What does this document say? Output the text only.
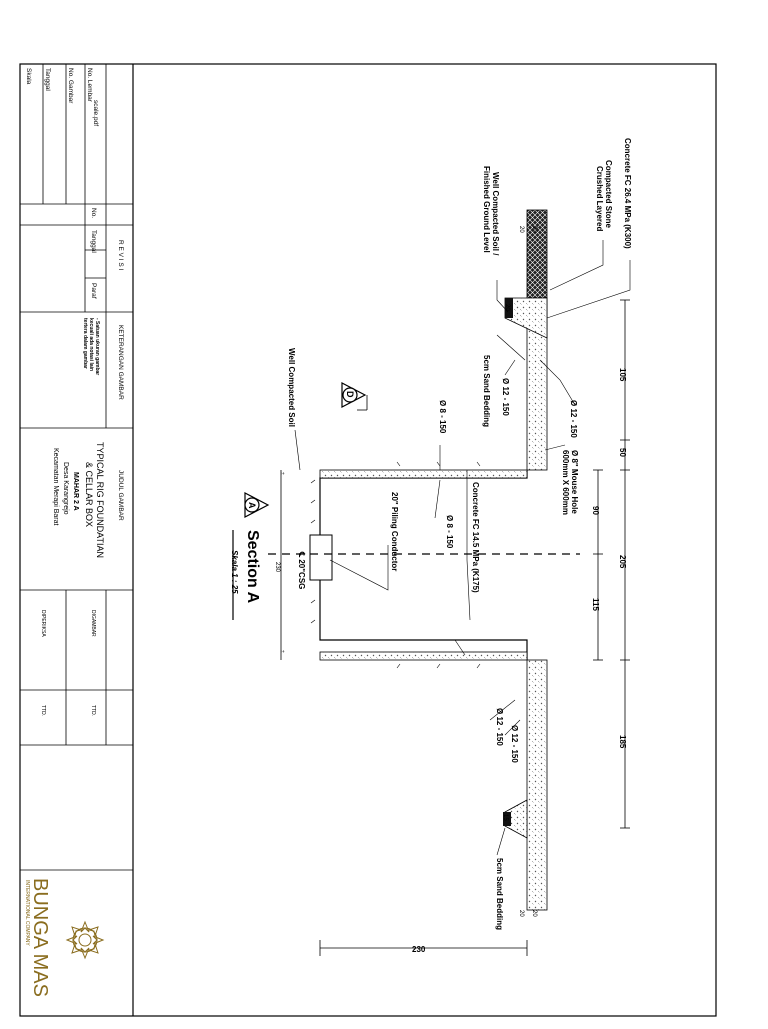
Skala Tanggal No. Gambar No. Lembar
scale.pdf
R E V I S I
No.
Tanggal
Paraf
KETERANGAN GAMBAR
- Satuan ukuran gambar
kecuali ada notasi lain
tertera dalam gambar
JUDUL GAMBAR
TYPICAL RIG FOUNDATIAN
& CELLAR BOX
MAHAR 2 A
Desa Karangrejo
Kecamatan Merapi Barat
DIGAMBAR
DIPERIKSA
TTD.
TTD.
BUNGA MAS
INTERNATIONAL COMPANY
105
50
90
205
115
185
230
20
20
20
20
20
15
230
Concrete FC 26.4 MPa (K300)
Compacted Stone
Crushed Layered
Well Compacted Soil /
Finished Ground Level
5cm Sand Bedding Ø 12 - 150
Ø 12 - 150
Ø 8" Mouse Hole
600mm X 600mm
Concrete FC 14.5 MPa (K175)
Ø 8 - 150
Ø 8 - 150
Well Compacted Soil
20" Piling Conductor
℄ 20"CSG
Ø 12 - 150 Ø 12 - 150
5cm Sand Bedding
A
Section A
Skala 1 : 25
D
±
±
